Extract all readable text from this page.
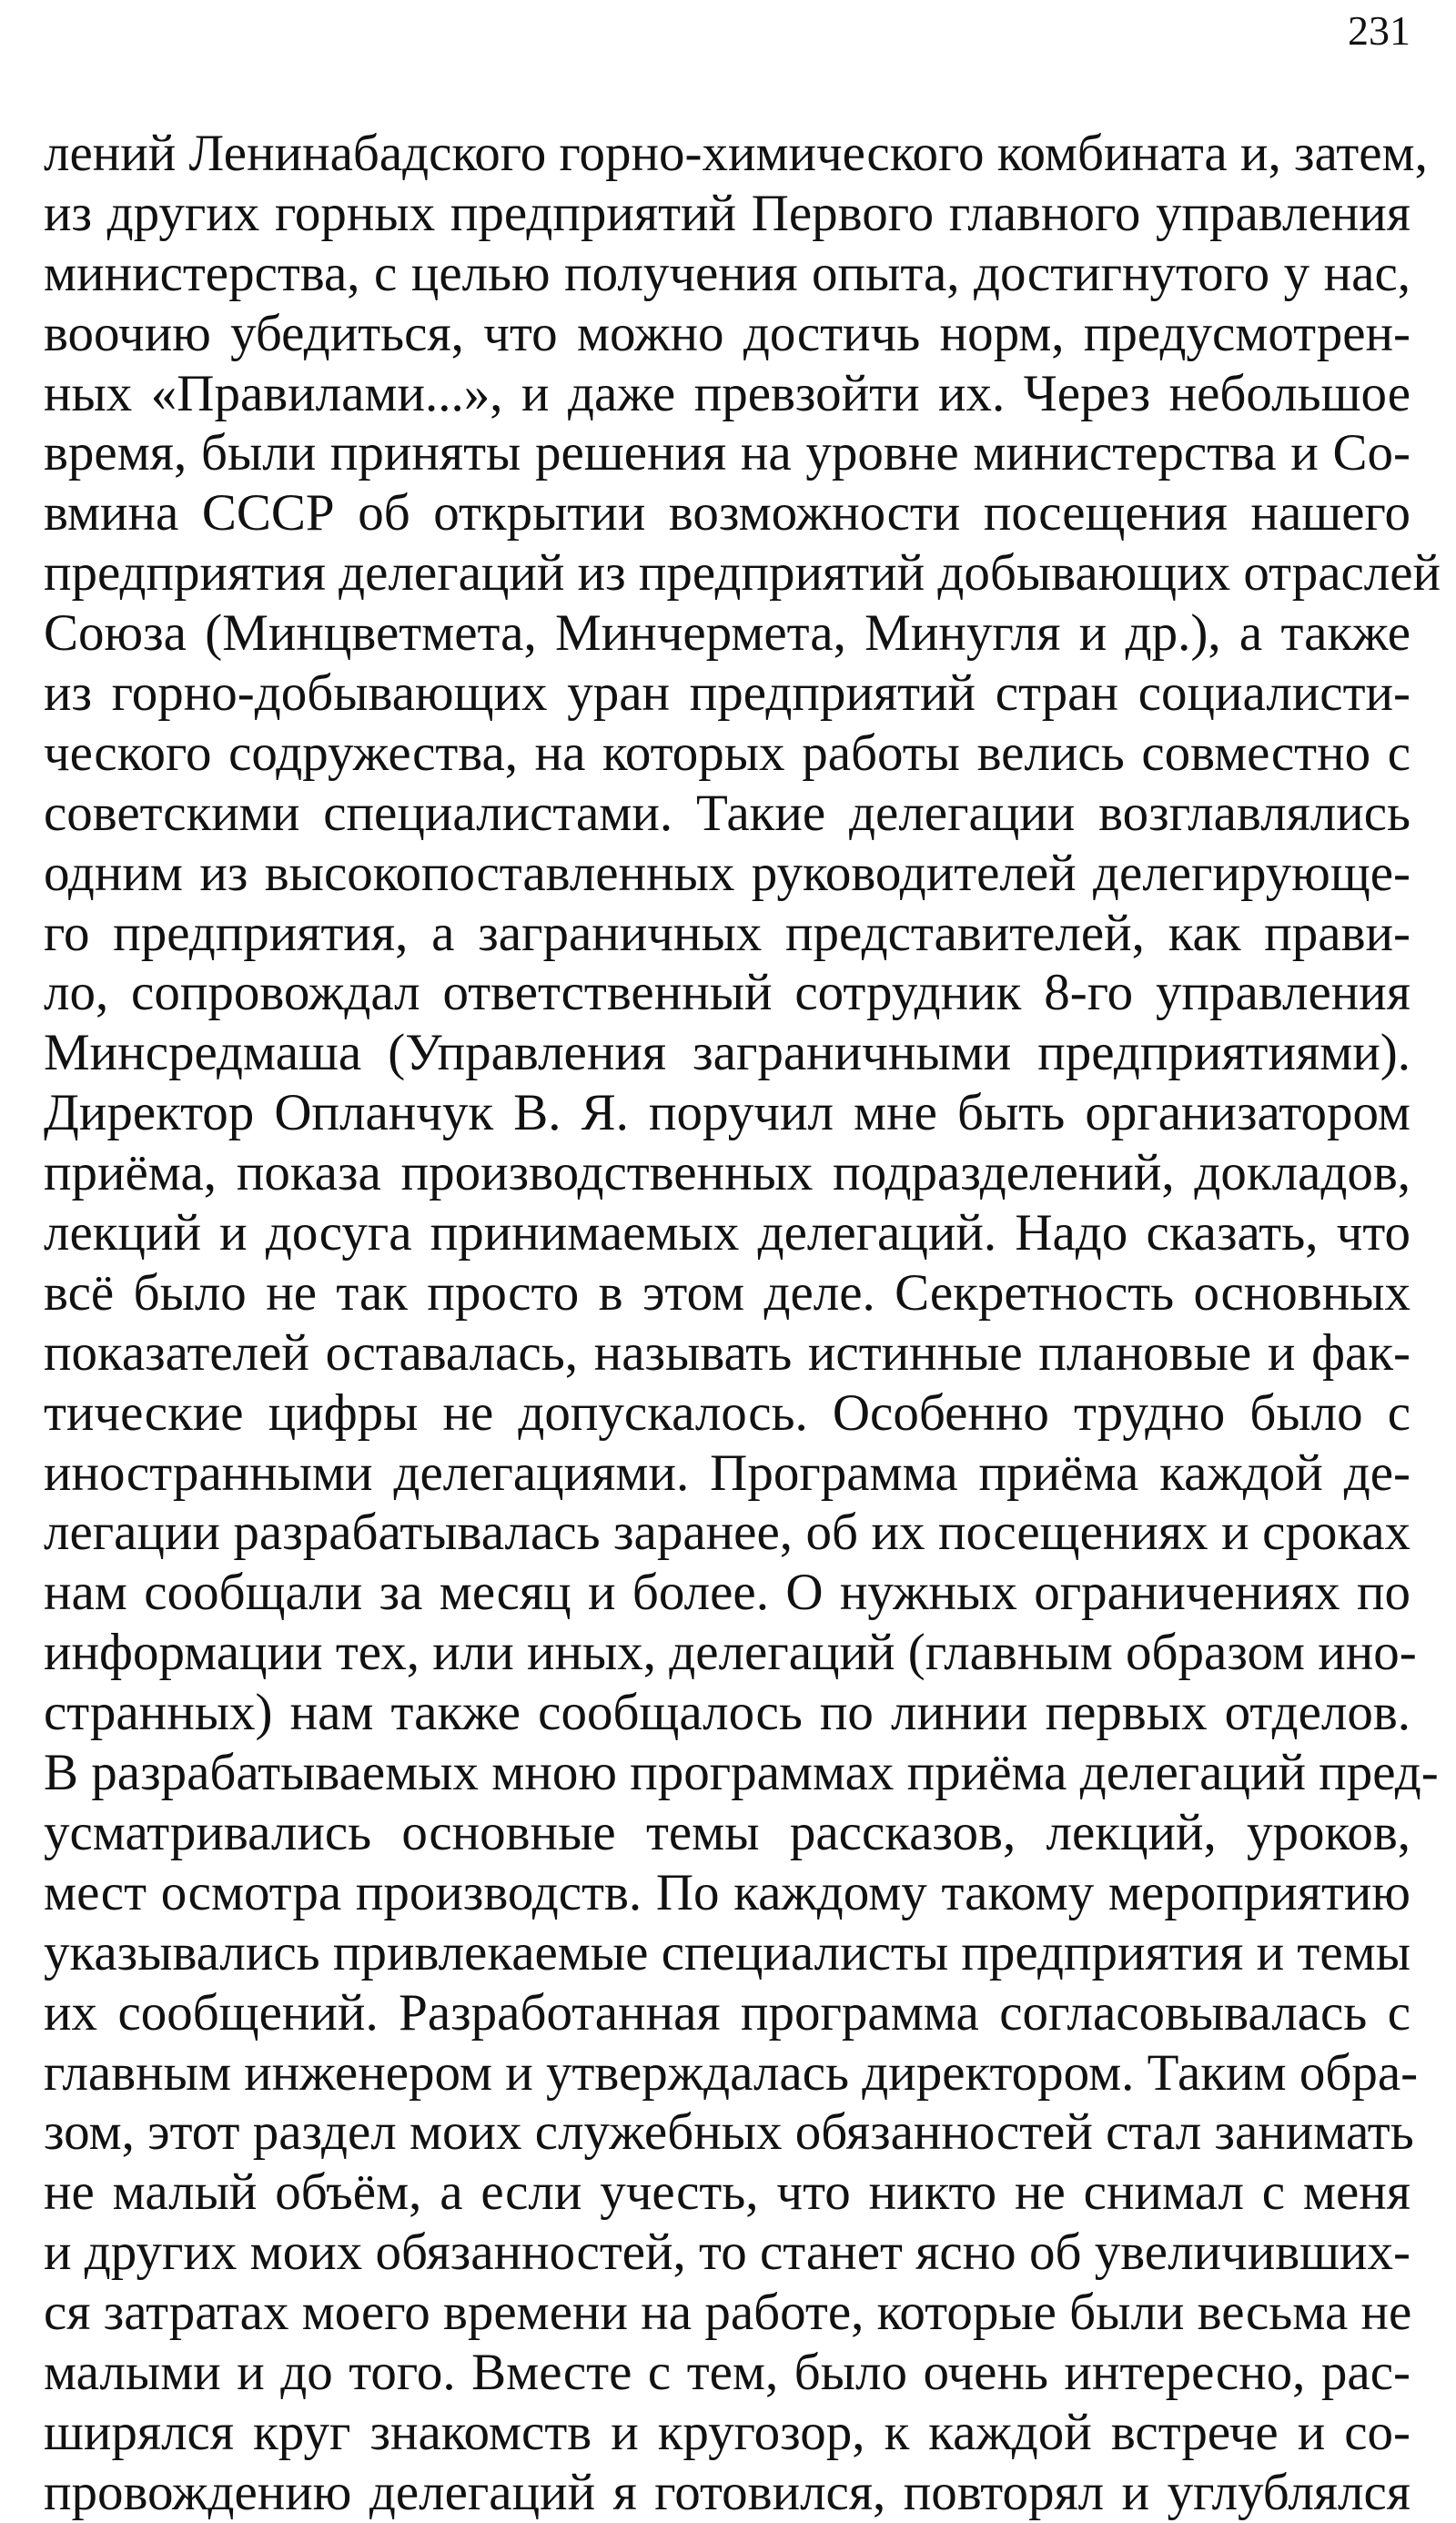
231
лений Ленинабадского горно-химического комбината и, затем,
из других горных предприятий Первого главного управления
министерства, с целью получения опыта, достигнутого у нас,
воочию убедиться, что можно достичь норм, предусмотрен-
ных «Правилами...», и даже превзойти их. Через небольшое
время, были приняты решения на уровне министерства и Со-
вмина СССР об открытии возможности посещения нашего
предприятия делегаций из предприятий добывающих отраслей
Союза (Минцветмета, Минчермета, Минугля и др.), а также
из горно-добывающих уран предприятий стран социалисти-
ческого содружества, на которых работы велись совместно с
советскими специалистами. Такие делегации возглавлялись
одним из высокопоставленных руководителей делегирующе-
го предприятия, а заграничных представителей, как прави-
ло, сопровождал ответственный сотрудник 8-го управления
Минсредмаша (Управления заграничными предприятиями).
Директор Опланчук В. Я. поручил мне быть организатором
приёма, показа производственных подразделений, докладов,
лекций и досуга принимаемых делегаций. Надо сказать, что
всё было не так просто в этом деле. Секретность основных
показателей оставалась, называть истинные плановые и фак-
тические цифры не допускалось. Особенно трудно было с
иностранными делегациями. Программа приёма каждой де-
легации разрабатывалась заранее, об их посещениях и сроках
нам сообщали за месяц и более. О нужных ограничениях по
информации тех, или иных, делегаций (главным образом ино-
странных) нам также сообщалось по линии первых отделов.
В разрабатываемых мною программах приёма делегаций пред-
усматривались основные темы рассказов, лекций, уроков,
мест осмотра производств. По каждому такому мероприятию
указывались привлекаемые специалисты предприятия и темы
их сообщений. Разработанная программа согласовывалась с
главным инженером и утверждалась директором. Таким обра-
зом, этот раздел моих служебных обязанностей стал занимать
не малый объём, а если учесть, что никто не снимал с меня
и других моих обязанностей, то станет ясно об увеличивших-
ся затратах моего времени на работе, которые были весьма не
малыми и до того. Вместе с тем, было очень интересно, рас-
ширялся круг знакомств и кругозор, к каждой встрече и со-
провождению делегаций я готовился, повторял и углублялся
